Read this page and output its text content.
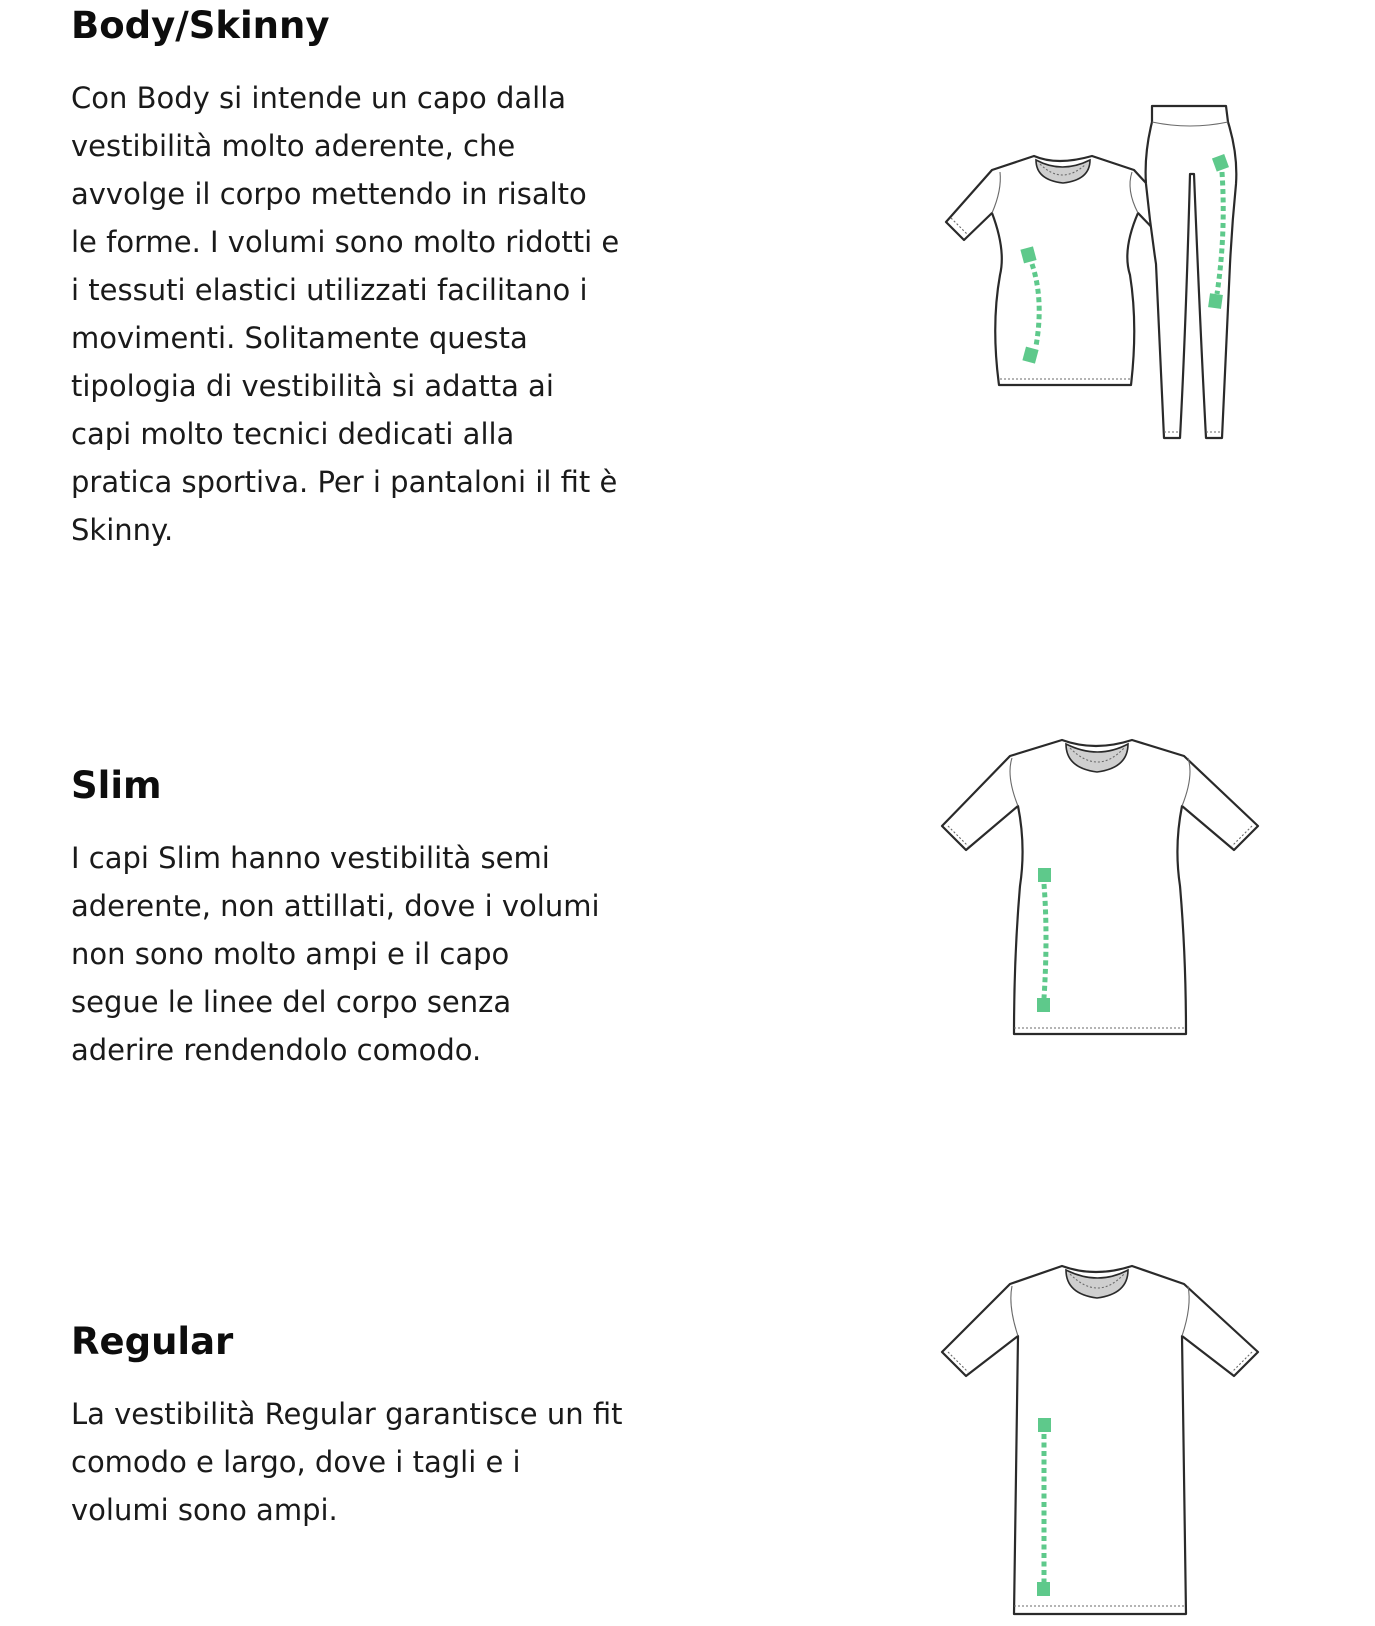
Body/Skinny

Con Body si intende un capo dalla
vestibilità molto aderente, che
avvolge il corpo mettendo in risalto
le forme. I volumi sono molto ridotti e
i tessuti elastici utilizzati facilitano i
movimenti. Solitamente questa
tipologia di vestibilità si adatta ai
capi molto tecnici dedicati alla
pratica sportiva. Per i pantaloni il fit è
Skinny.

Slim

I capi Slim hanno vestibilità semi
aderente, non attillati, dove i volumi
non sono molto ampi e il capo
segue le linee del corpo senza
aderire rendendolo comodo.

Regular

La vestibilità Regular garantisce un fit
comodo e largo, dove i tagli e i
volumi sono ampi.
